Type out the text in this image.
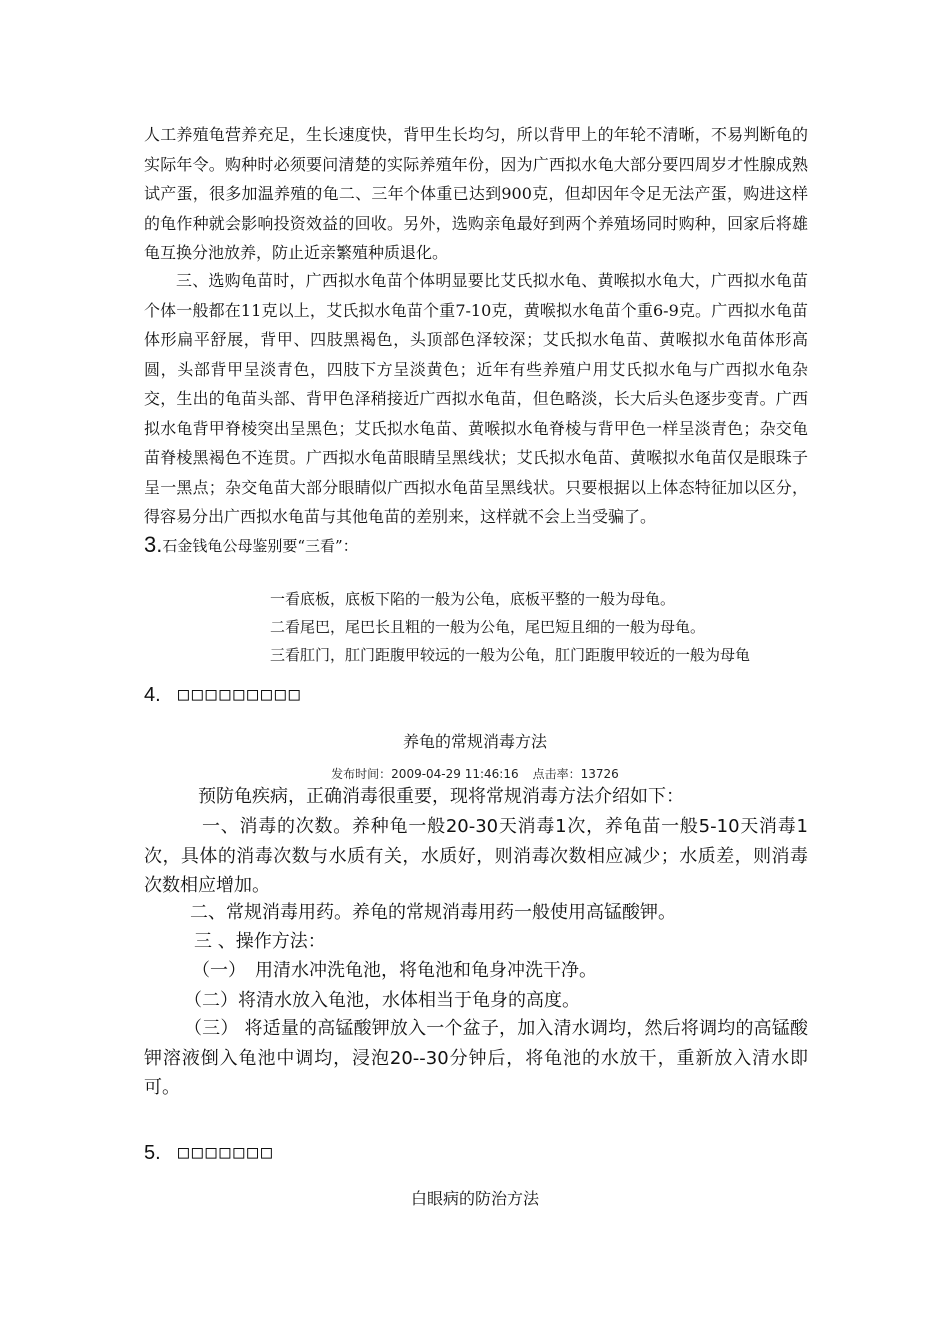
人工养殖龟营养充足，生长速度快，背甲生长均匀，所以背甲上的年轮不清晰，不易判断龟的实际年令。购种时必须要问清楚的实际养殖年份，因为广西拟水龟大部分要四周岁才性腺成熟试产蛋，很多加温养殖的龟二、三年个体重已达到900克，但却因年令足无法产蛋，购进这样的龟作种就会影响投资效益的回收。另外，选购亲龟最好到两个养殖场同时购种，回家后将雄龟互换分池放养，防止近亲繁殖种质退化。

三、选购龟苗时，广西拟水龟苗个体明显要比艾氏拟水龟、黄喉拟水龟大，广西拟水龟苗个体一般都在11克以上，艾氏拟水龟苗个重7-10克，黄喉拟水龟苗个重6-9克。广西拟水龟苗体形扁平舒展，背甲、四肢黑褐色，头顶部色泽较深；艾氏拟水龟苗、黄喉拟水龟苗体形高圆，头部背甲呈淡青色，四肢下方呈淡黄色；近年有些养殖户用艾氏拟水龟与广西拟水龟杂交，生出的龟苗头部、背甲色泽稍接近广西拟水龟苗，但色略淡，长大后头色逐步变青。广西拟水龟背甲脊棱突出呈黑色；艾氏拟水龟苗、黄喉拟水龟脊棱与背甲色一样呈淡青色；杂交龟苗脊棱黑褐色不连贯。广西拟水龟苗眼睛呈黑线状；艾氏拟水龟苗、黄喉拟水龟苗仅是眼珠子呈一黑点；杂交龟苗大部分眼睛似广西拟水龟苗呈黑线状。只要根据以上体态特征加以区分，得容易分出广西拟水龟苗与其他龟苗的差别来，这样就不会上当受骗了。

3.石金钱龟公母鉴别要“三看”：
一看底板，底板下陷的一般为公龟，底板平整的一般为母龟。
二看尾巴，尾巴长且粗的一般为公龟，尾巴短且细的一般为母龟。
三看肛门，肛门距腹甲较远的一般为公龟，肛门距腹甲较近的一般为母龟
4. □□□□□□□□□
养龟的常规消毒方法
发布时间：2009-04-29 11:46:16 点击率：13726

预防龟疾病，正确消毒很重要，现将常规消毒方法介绍如下：

一、消毒的次数。养种龟一般20-30天消毒1次，养龟苗一般5-10天消毒1次，具体的消毒次数与水质有关，水质好，则消毒次数相应减少；水质差，则消毒次数相应增加。

二、常规消毒用药。养龟的常规消毒用药一般使用高锰酸钾。

三 、操作方法：

（一）　用清水冲洗龟池，将龟池和龟身冲洗干净。

（二）将清水放入龟池，水体相当于龟身的高度。

（三） 将适量的高锰酸钾放入一个盆子，加入清水调均，然后将调均的高锰酸钾溶液倒入龟池中调均，浸泡20--30分钟后，将龟池的水放干，重新放入清水即可。

5. □□□□□□□
白眼病的防治方法
